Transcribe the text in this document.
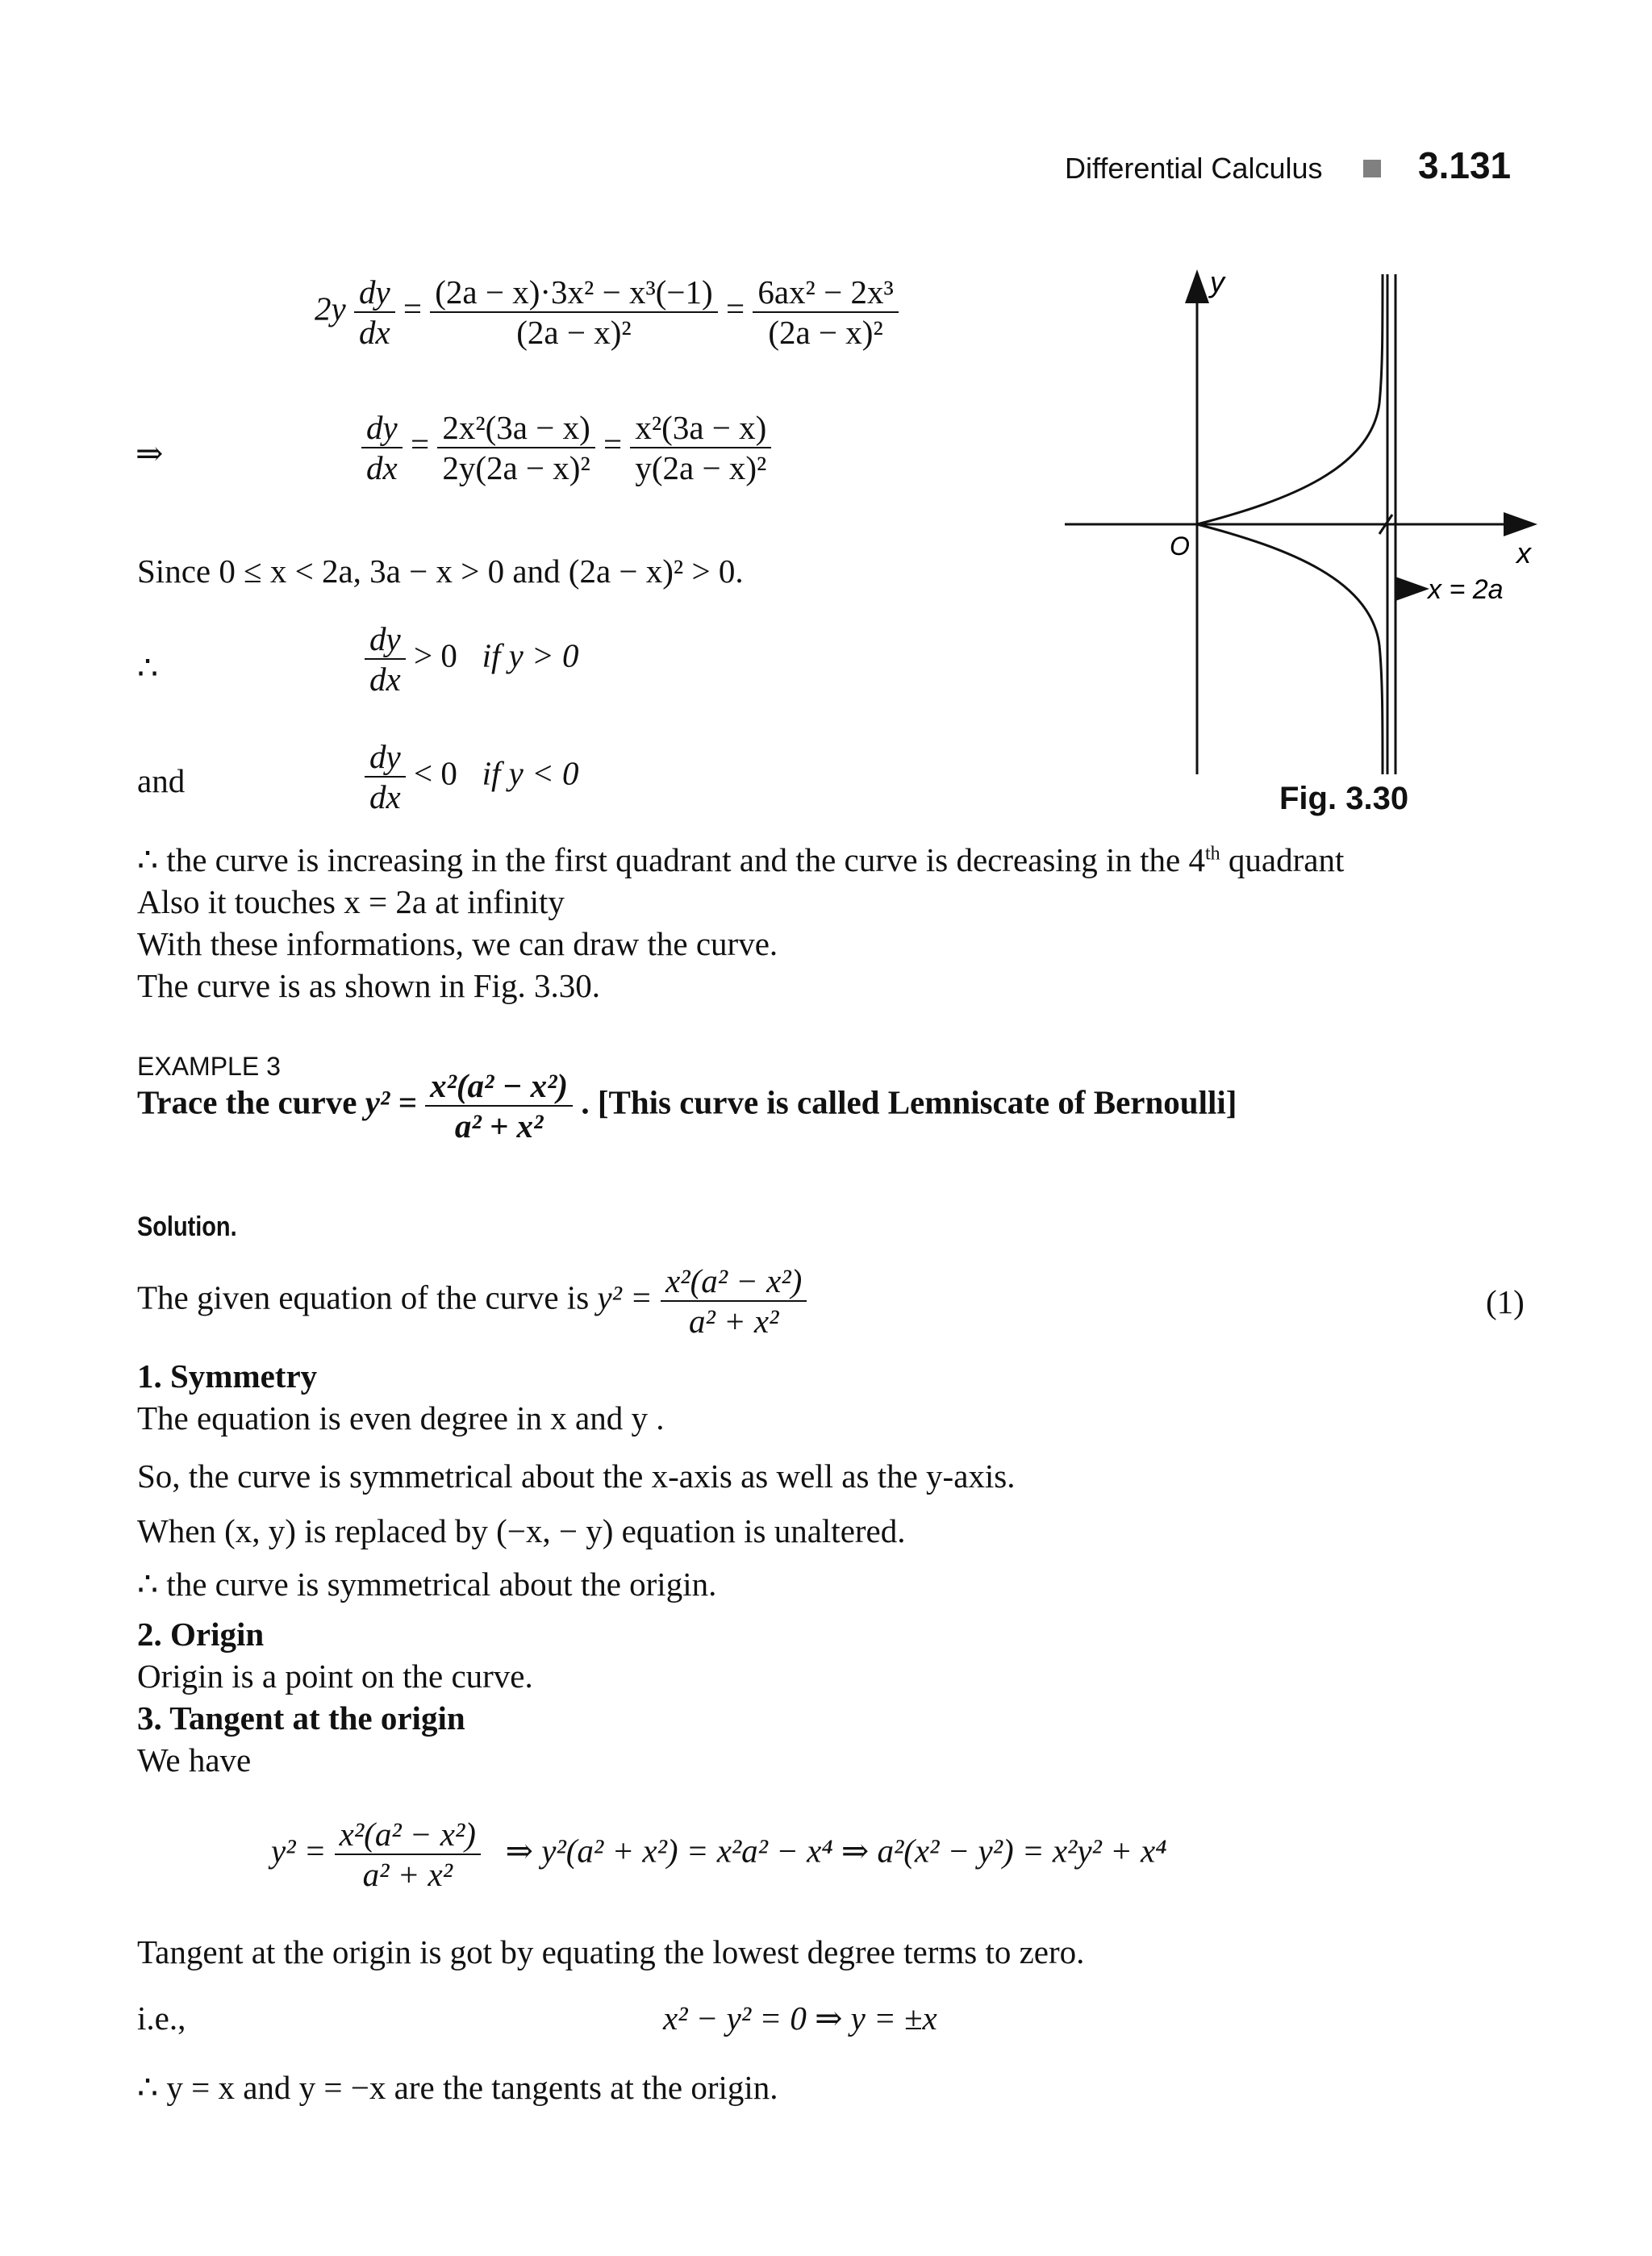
Differential Calculus	3.131
$2y \frac{dy}{dx} = \frac{\text{(2a − x)·3x² − x³(−1)}}{\text{(2a − x)²}} = \frac{\text{6ax² − 2x³}}{\text{(2a − x)²}}$
⇒	$\frac{dy}{dx} = \frac{\text{2x²(3a − x)}}{\text{2y(2a − x)²}} = \frac{\text{x²(3a − x)}}{\text{y(2a − x)²}}$
Since 0 ≤ x < 2a, 3a − x > 0 and (2a − x)² > 0.
∴	$\frac{dy}{dx} > 0$ if y > 0
and	$\frac{dy}{dx} < 0$ if y < 0
y
x
O
x = 2a
Fig. 3.30
∴ the curve is increasing in the first quadrant and the curve is decreasing in the 4th quadrant
Also it touches x = 2a at infinity
With these informations, we can draw the curve.
The curve is as shown in Fig. 3.30.
EXAMPLE 3
Trace the curve $y^2 = \frac{\text{x²(a² − x²)}}{\text{a² + x²}}$ . [This curve is called Lemniscate of Bernoulli]
Solution.
The given equation of the curve is $y^2 = \frac{\text{x²(a² − x²)}}{\text{a² + x²}}$	(1)
1. Symmetry
The equation is even degree in x and y .
So, the curve is symmetrical about the x-axis as well as the y-axis.
When (x, y) is replaced by (−x, − y) equation is unaltered.
∴ the curve is symmetrical about the origin.
2. Origin
Origin is a point on the curve.
3. Tangent at the origin
We have
$y^2 = \frac{\text{x²(a² − x²)}}{\text{a² + x²}}$ ⇒ y²(a² + x²) = x²a² − x⁴ ⇒ a²(x² − y²) = x²y² + x⁴
Tangent at the origin is got by equating the lowest degree terms to zero.
i.e.,	x² − y² = 0 ⇒ y = ±x
∴ y = x and y = −x are the tangents at the origin.
